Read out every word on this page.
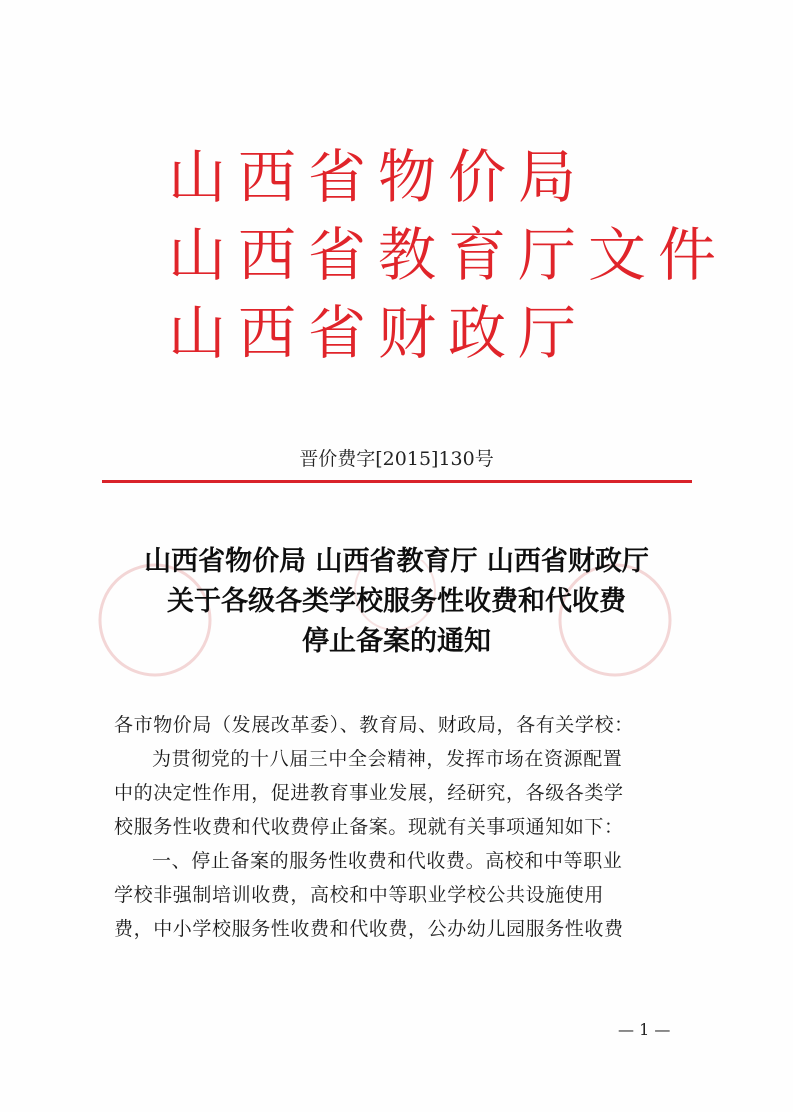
山西省物价局
山西省教育厅文件
山西省财政厅
晋价费字[2015]130号
山西省物价局 山西省教育厅 山西省财政厅
关于各级各类学校服务性收费和代收费
停止备案的通知
各市物价局（发展改革委）、教育局、财政局，各有关学校：
为贯彻党的十八届三中全会精神，发挥市场在资源配置
中的决定性作用，促进教育事业发展，经研究，各级各类学
校服务性收费和代收费停止备案。现就有关事项通知如下：
一、停止备案的服务性收费和代收费。高校和中等职业
学校非强制培训收费，高校和中等职业学校公共设施使用
费，中小学校服务性收费和代收费，公办幼儿园服务性收费
— 1 —
